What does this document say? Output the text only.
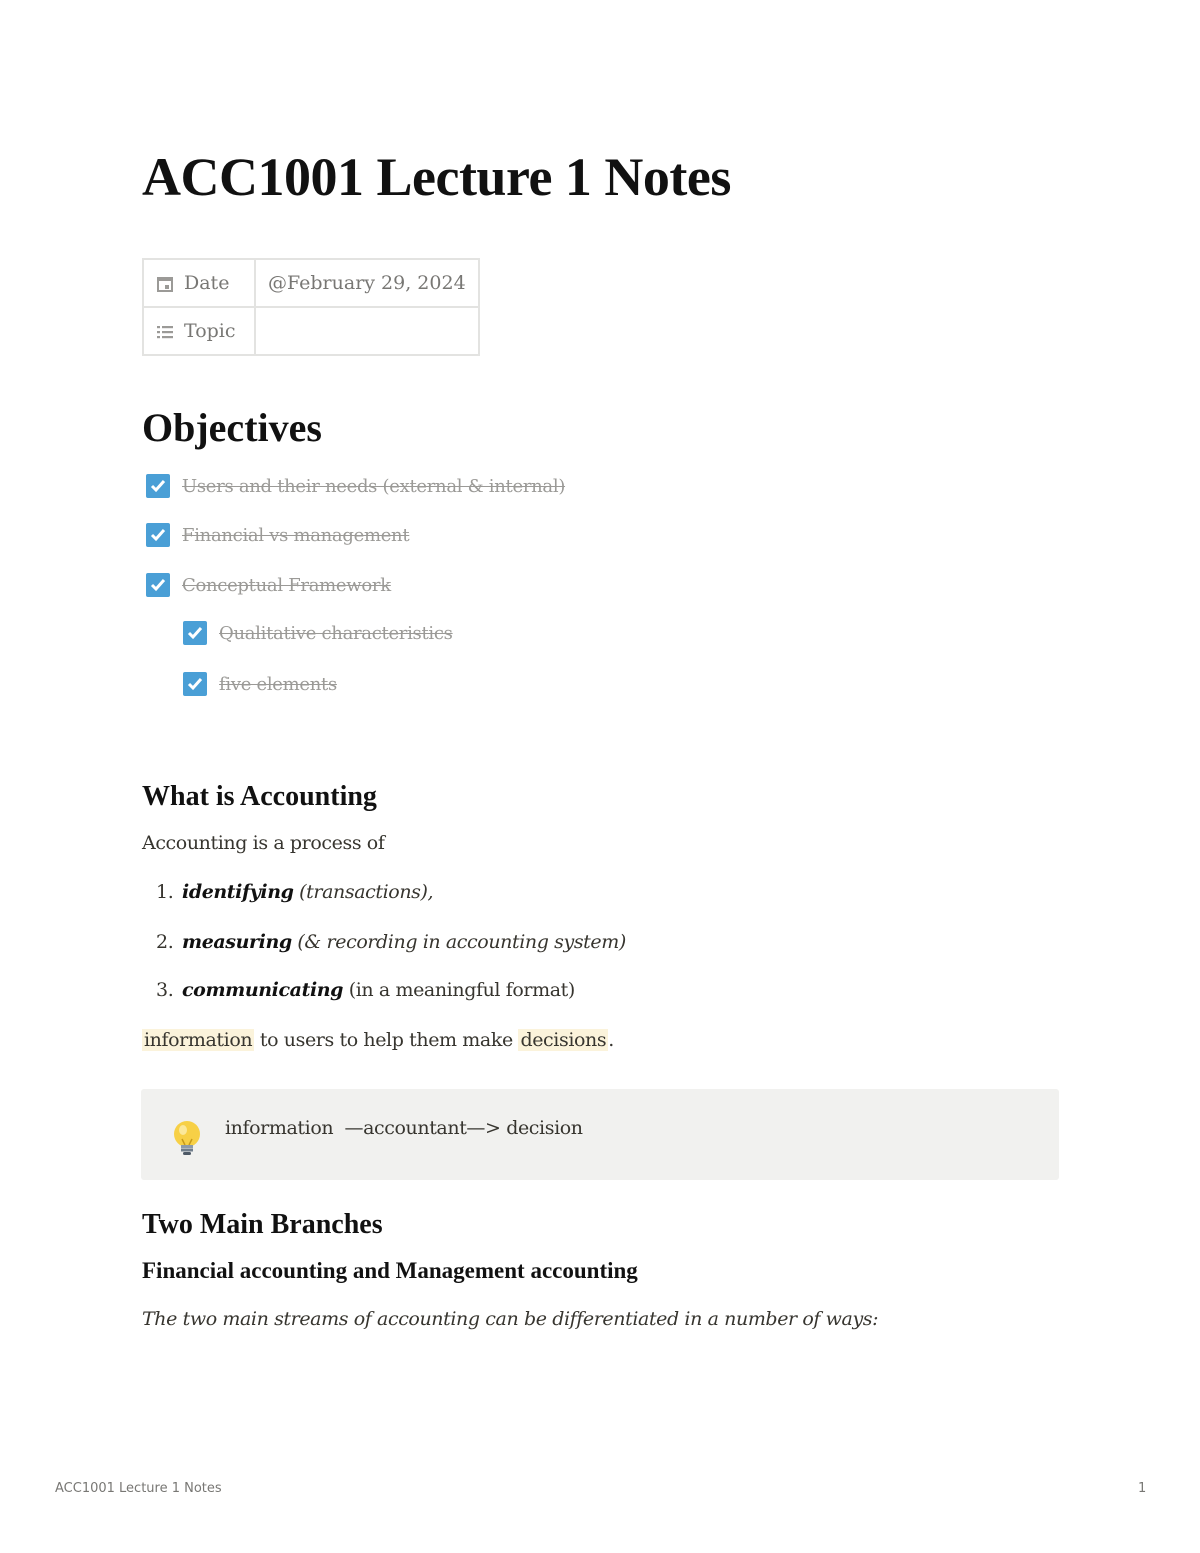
ACC1001 Lecture 1 Notes
Date	@February 29, 2024

Topic	
Objectives
Users and their needs (external & internal)
Financial vs management
Conceptual Framework
Qualitative characteristics
five elements
What is Accounting

Accounting is a process of

1. identifying (transactions),
2. measuring (& recording in accounting system)
3. communicating (in a meaningful format)

information to users to help them make decisions .

information  —accountant—> decision
Two Main Branches
Financial accounting and Management accounting

The two main streams of accounting can be differentiated in a number of ways:

ACC1001 Lecture 1 Notes	1
